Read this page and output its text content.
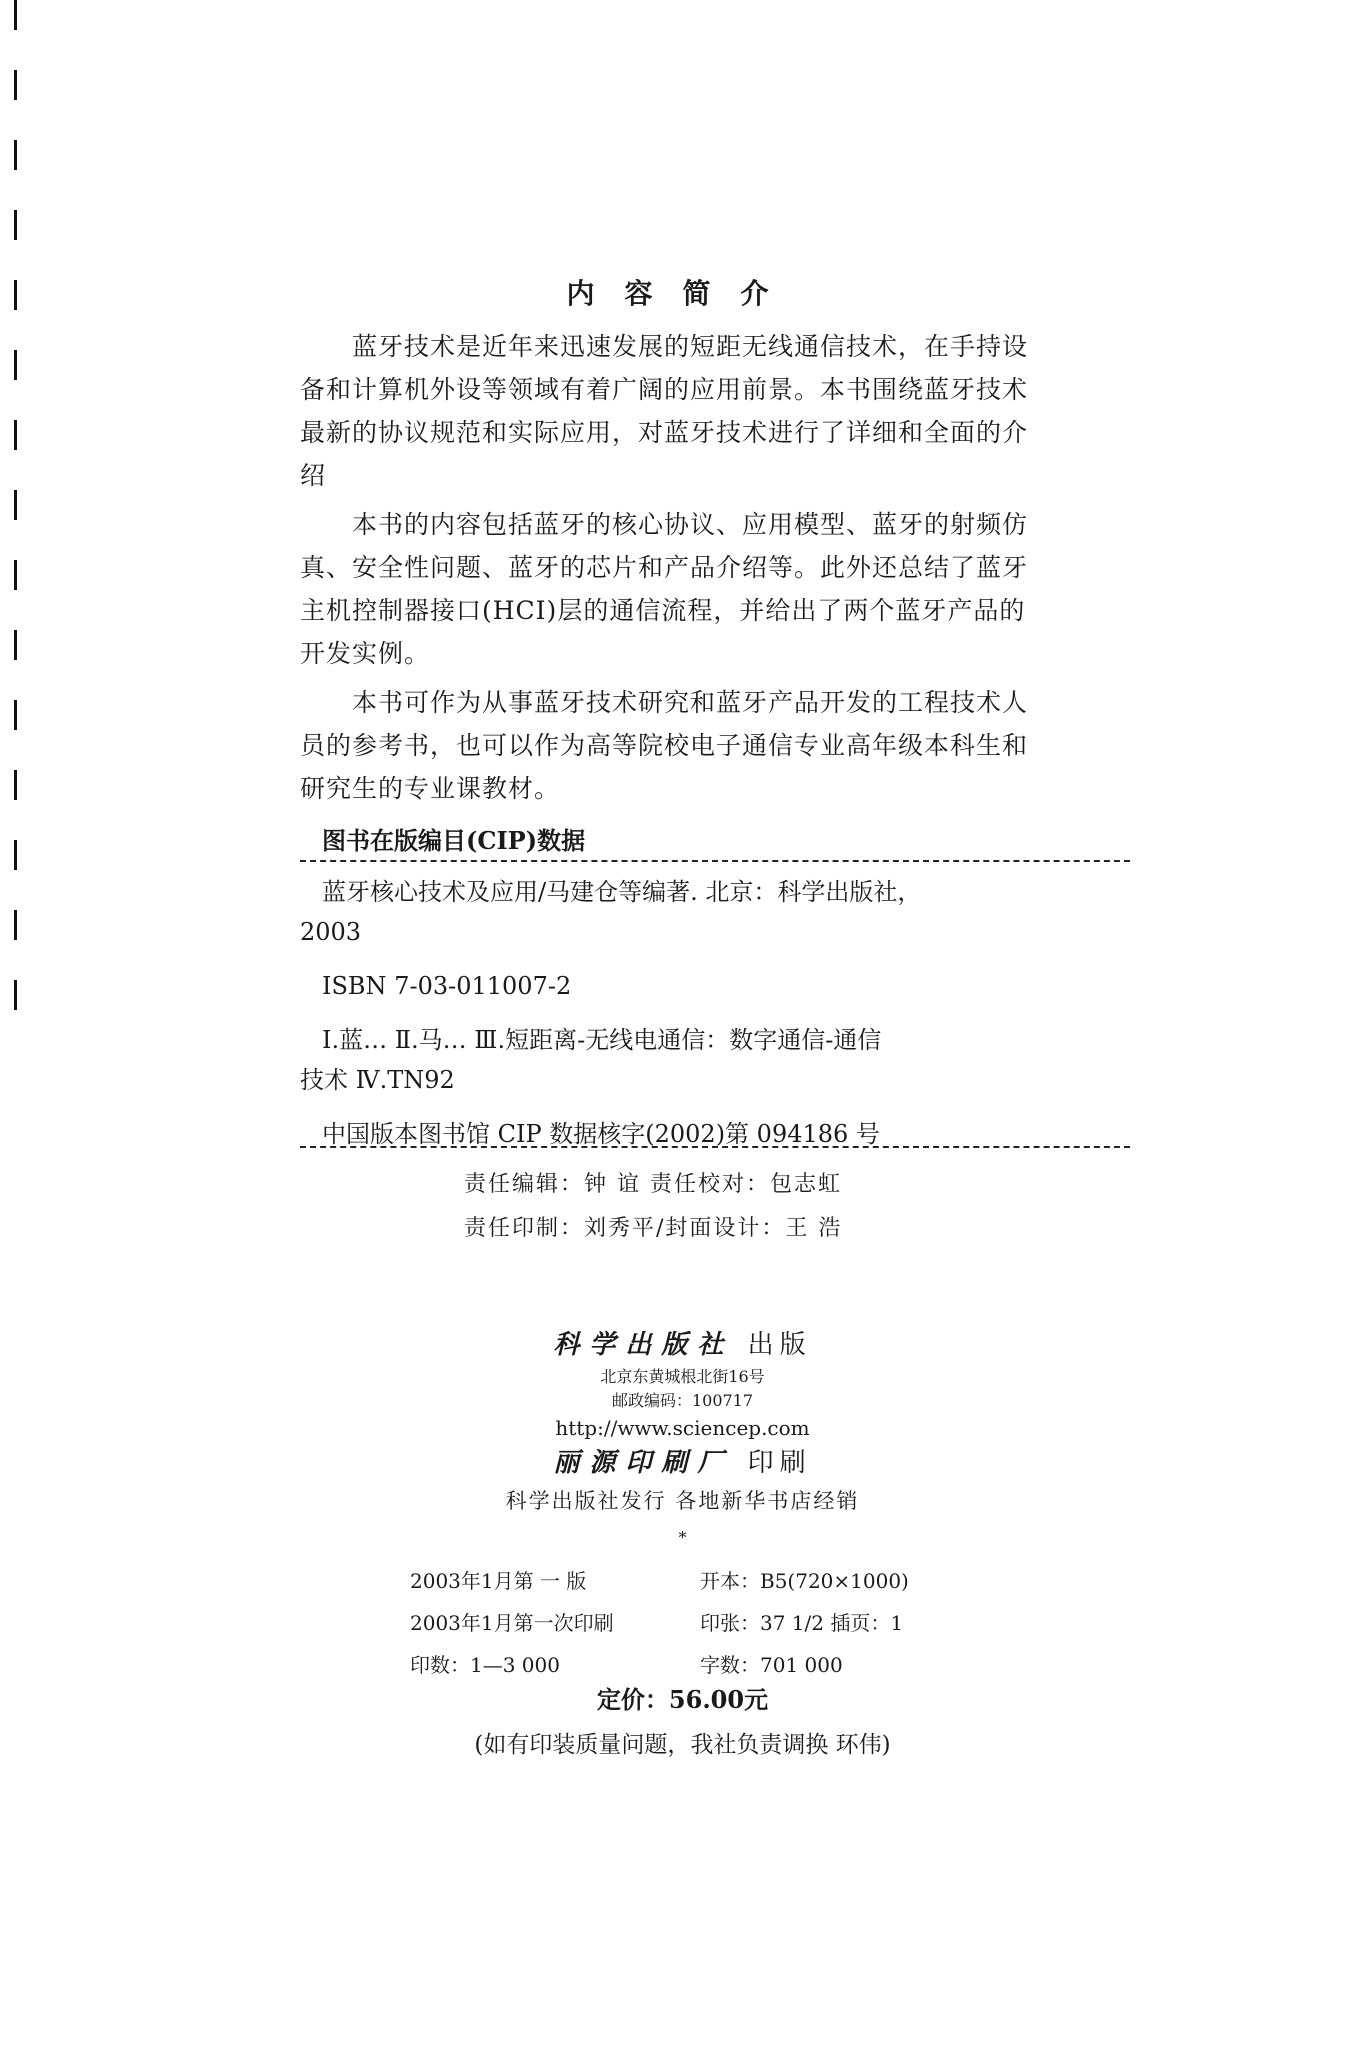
内容简介

蓝牙技术是近年来迅速发展的短距无线通信技术，在手持设备和计算机外设等领域有着广阔的应用前景。本书围绕蓝牙技术最新的协议规范和实际应用，对蓝牙技术进行了详细和全面的介绍

本书的内容包括蓝牙的核心协议、应用模型、蓝牙的射频仿真、安全性问题、蓝牙的芯片和产品介绍等。此外还总结了蓝牙主机控制器接口(HCI)层的通信流程，并给出了两个蓝牙产品的开发实例。

本书可作为从事蓝牙技术研究和蓝牙产品开发的工程技术人员的参考书，也可以作为高等院校电子通信专业高年级本科生和研究生的专业课教材。

图书在版编目(CIP)数据
蓝牙核心技术及应用/马建仓等编著. 北京：科学出版社，
2003
ISBN 7-03-011007-2
Ⅰ.蓝… Ⅱ.马… Ⅲ.短距离-无线电通信：数字通信-通信
技术 Ⅳ.TN92
中国版本图书馆 CIP 数据核字(2002)第 094186 号
责任编辑：钟 谊 责任校对：包志虹
责任印制：刘秀平/封面设计：王 浩
科学出版社 出版
北京东黄城根北街16号
邮政编码：100717
http://www.sciencep.com
丽源印刷厂 印刷
科学出版社发行 各地新华书店经销
*
2003年1月第 一 版	开本：B5(720×1000)
2003年1月第一次印刷	印张：37 1/2 插页：1
印数：1—3 000	字数：701 000
定价：56.00元
(如有印装质量问题，我社负责调换 环伟)
